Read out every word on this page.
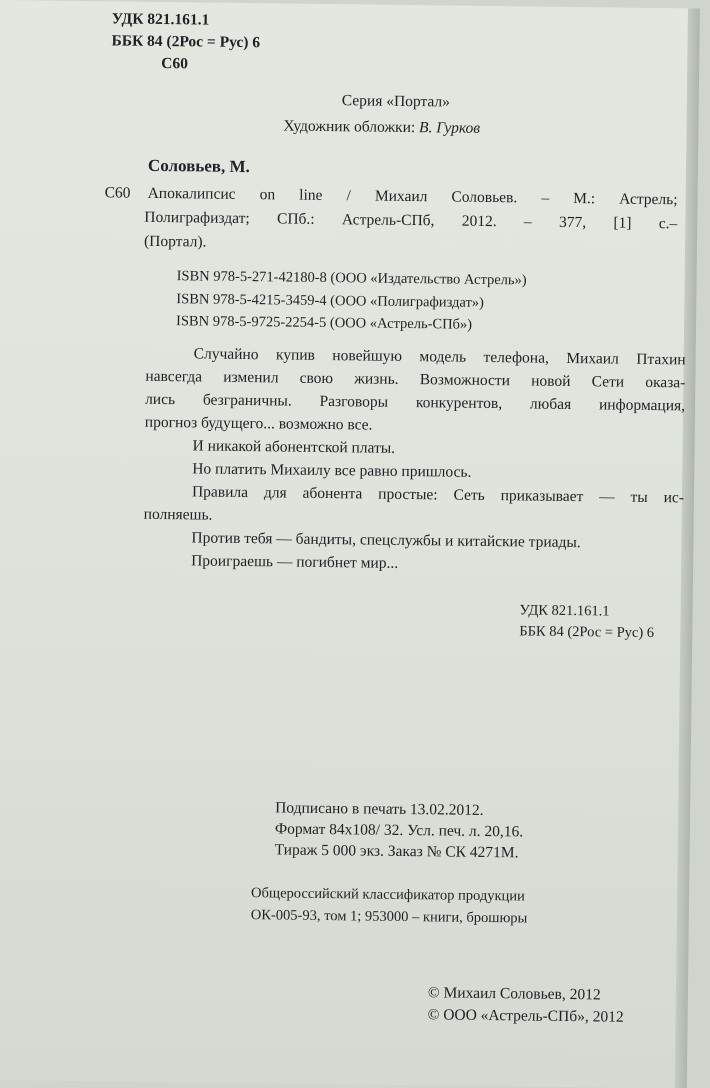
УДК 821.161.1
ББК 84 (2Рос = Рус) 6
С60
Серия «Портал»
Художник обложки: В. Гурков
Соловьев, М.
С60 Апокалипсис on line / Михаил Соловьев. – М.: Астрель;
Полиграфиздат; СПб.: Астрель-СПб, 2012. – 377, [1] с.–
(Портал).
ISBN 978-5-271-42180-8 (ООО «Издательство Астрель»)
ISBN 978-5-4215-3459-4 (ООО «Полиграфиздат»)
ISBN 978-5-9725-2254-5 (ООО «Астрель-СПб»)
Случайно купив новейшую модель телефона, Михаил Птахин
навсегда изменил свою жизнь. Возможности новой Сети оказа-
лись безграничны. Разговоры конкурентов, любая информация,
прогноз будущего... возможно все.
И никакой абонентской платы.
Но платить Михаилу все равно пришлось.
Правила для абонента простые: Сеть приказывает — ты ис-
полняешь.
Против тебя — бандиты, спецслужбы и китайские триады.
Проиграешь — погибнет мир...
УДК 821.161.1
ББК 84 (2Рос = Рус) 6
Подписано в печать 13.02.2012.
Формат 84х108/ 32. Усл. печ. л. 20,16.
Тираж 5 000 экз. Заказ № СК 4271М.
Общероссийский классификатор продукции
ОК-005-93, том 1; 953000 – книги, брошюры
© Михаил Соловьев, 2012
© ООО «Астрель-СПб», 2012
